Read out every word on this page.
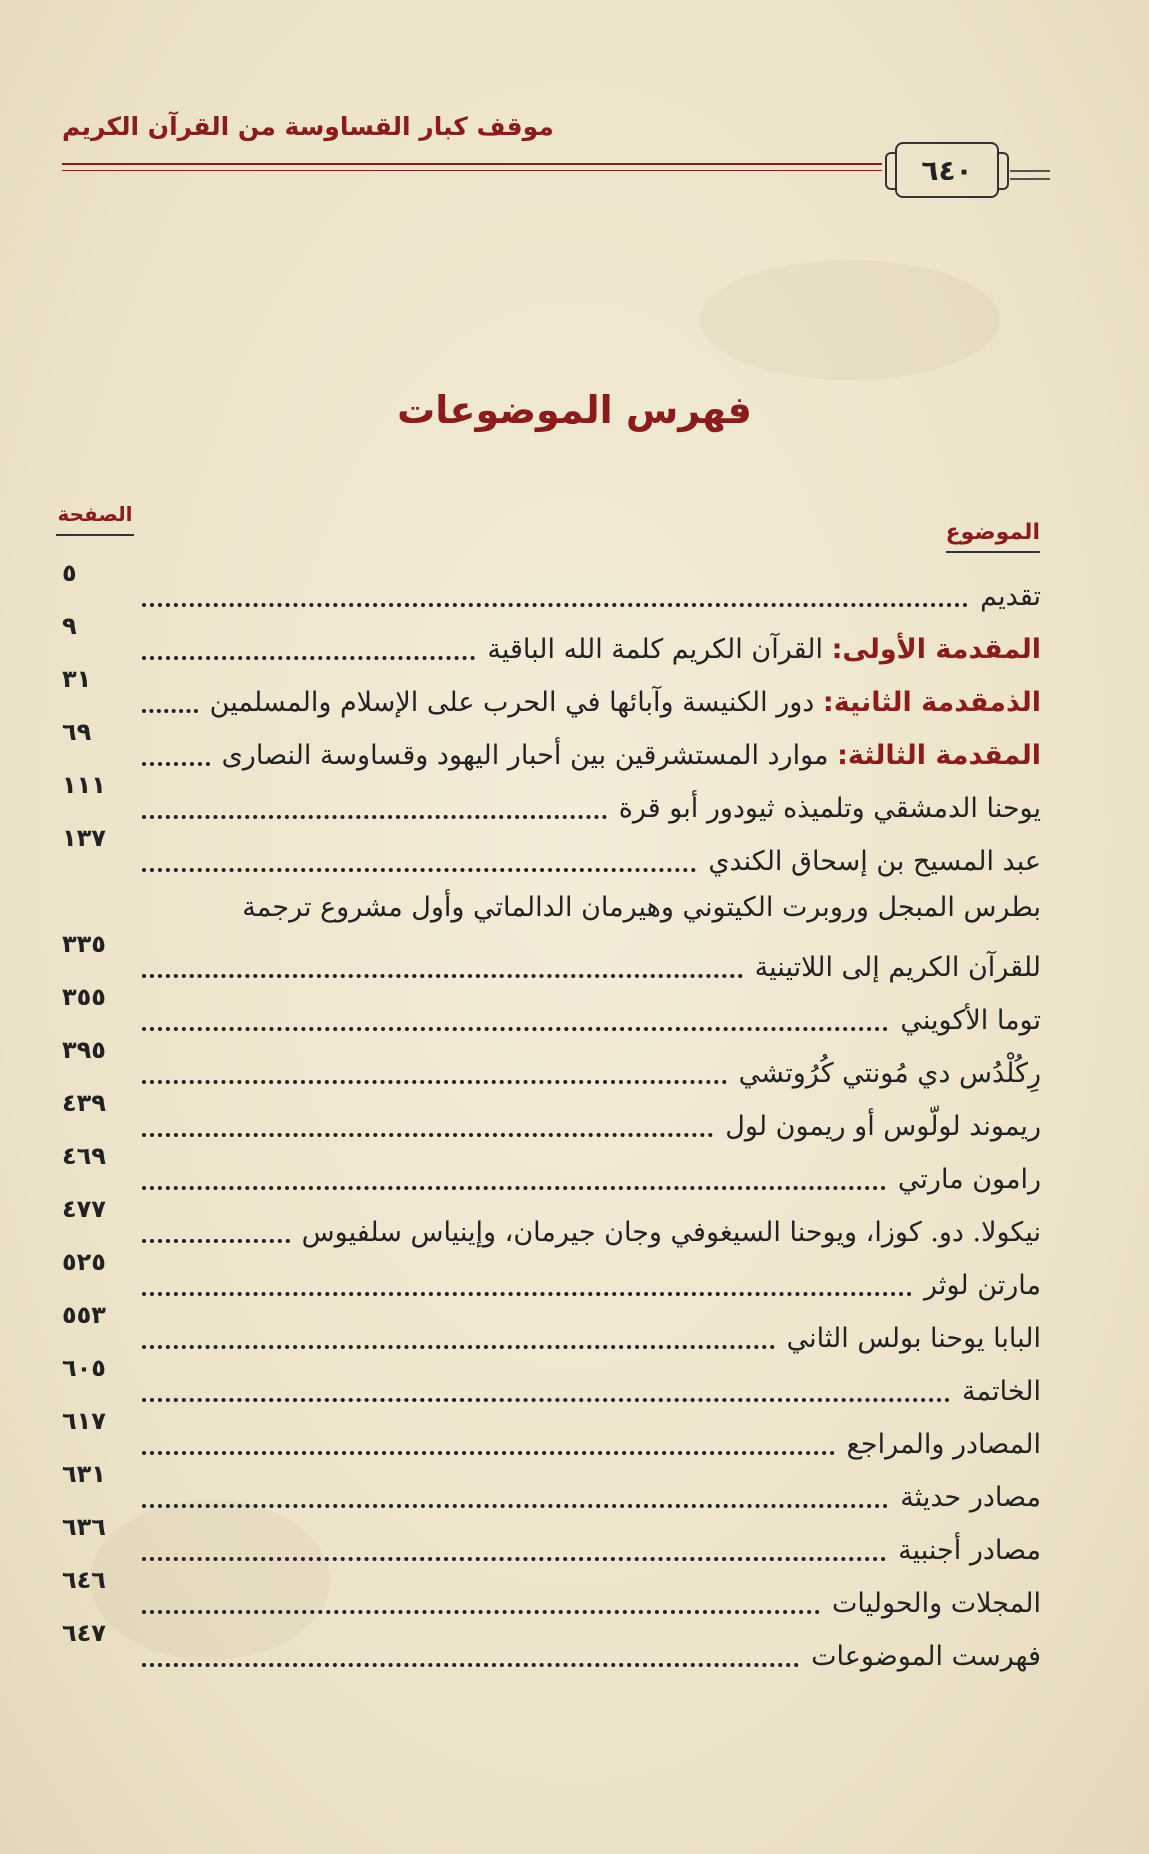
موقف كبار القساوسة من القرآن الكريم
٦٤٠
فهرس الموضوعات
الصفحة
الموضوع
تقديم
٥
المقدمة الأولى: القرآن الكريم كلمة الله الباقية
٩
الذمقدمة الثانية: دور الكنيسة وآبائها في الحرب على الإسلام والمسلمين
٣١
المقدمة الثالثة: موارد المستشرقين بين أحبار اليهود وقساوسة النصارى
٦٩
يوحنا الدمشقي وتلميذه ثيودور أبو قرة
١١١
عبد المسيح بن إسحاق الكندي
١٣٧
بطرس المبجل وروبرت الكيتوني وهيرمان الدالماتي وأول مشروع ترجمة
للقرآن الكريم إلى اللاتينية
٣٣٥
توما الأكويني
٣٥٥
رِكُلْدُس دي مُونتي كُرُوتشي
٣٩٥
ريموند لولّوس أو ريمون لول
٤٣٩
رامون مارتي
٤٦٩
نيكولا. دو. كوزا، ويوحنا السيغوفي وجان جيرمان، وإينياس سلفيوس
٤٧٧
مارتن لوثر
٥٢٥
البابا يوحنا بولس الثاني
٥٥٣
الخاتمة
٦٠٥
المصادر والمراجع
٦١٧
مصادر حديثة
٦٣١
مصادر أجنبية
٦٣٦
المجلات والحوليات
٦٤٦
فهرست الموضوعات
٦٤٧
